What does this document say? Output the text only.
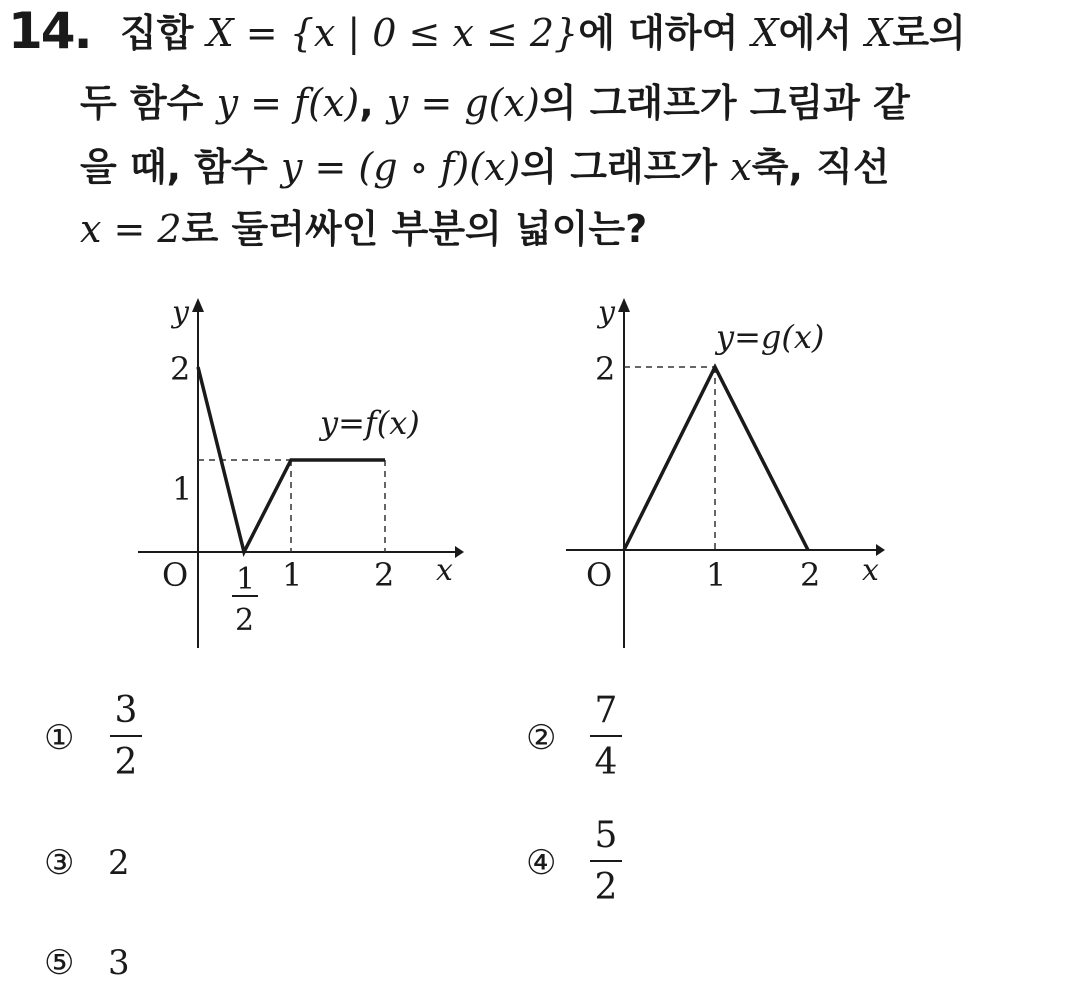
14. 집합 X = {x | 0 ≤ x ≤ 2}에 대하여 X에서 X로의
두 함수 y = f(x), y = g(x)의 그래프가 그림과 같
을 때, 함수 y = (g ∘ f)(x)의 그래프가 x축, 직선
x = 2로 둘러싸인 부분의 넓이는?
y
2
1
O 1
2
1 2 x
y=f(x)
y
2
O	1 2 x
y=g(x)
①
3
2
②
7
4
③ 2	④
5
2
⑤ 3
